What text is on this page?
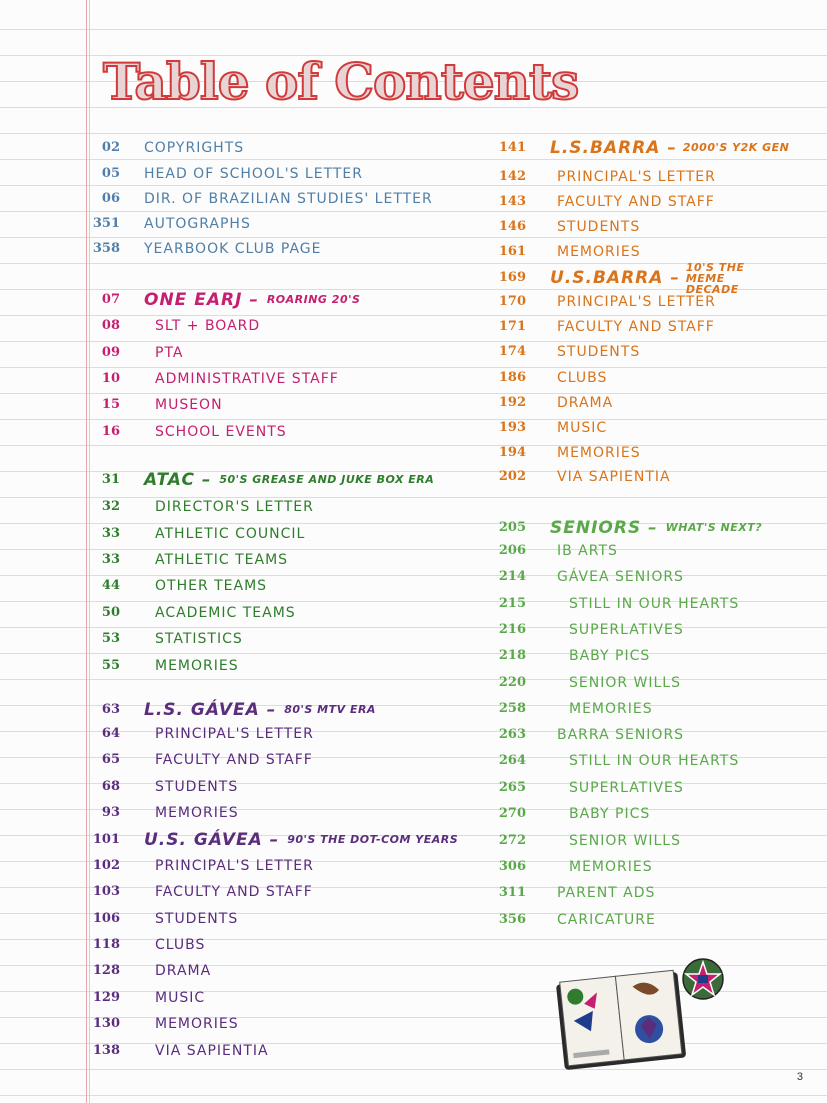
Table of Contents
02 COPYRIGHTS
05 HEAD OF SCHOOL'S LETTER
06 DIR. OF BRAZILIAN STUDIES' LETTER
351 AUTOGRAPHS
358 YEARBOOK CLUB PAGE
07 ONE EARJ – ROARING 20'S
08	SLT + BOARD
09	PTA
10	ADMINISTRATIVE STAFF
15	MUSEON
16	SCHOOL EVENTS
31 ATAC – 50'S GREASE AND JUKE BOX ERA
32	DIRECTOR'S LETTER
33	ATHLETIC COUNCIL
33	ATHLETIC TEAMS
44	OTHER TEAMS
50	ACADEMIC TEAMS
53	STATISTICS
55	MEMORIES
63 L.S. GÁVEA – 80'S MTV ERA
64	PRINCIPAL'S LETTER
65	FACULTY AND STAFF
68	STUDENTS
93	MEMORIES
101 U.S. GÁVEA – 90'S THE DOT-COM YEARS
102	PRINCIPAL'S LETTER
103	FACULTY AND STAFF
106	STUDENTS
118	CLUBS
128	DRAMA
129	MUSIC
130	MEMORIES
138	VIA SAPIENTIA
141 L.S.BARRA – 2000'S Y2K GEN
142 PRINCIPAL'S LETTER
143 FACULTY AND STAFF
146 STUDENTS
161 MEMORIES
169 U.S.BARRA –
10'S THE MEME DECADE
170 PRINCIPAL'S LETTER
171 FACULTY AND STAFF
174 STUDENTS
186 CLUBS
192 DRAMA
193 MUSIC
194 MEMORIES
202 VIA SAPIENTIA
205 SENIORS – WHAT'S NEXT?
206 IB ARTS
214 GÁVEA SENIORS
215	STILL IN OUR HEARTS
216	SUPERLATIVES
218	BABY PICS
220	SENIOR WILLS
258	MEMORIES
263 BARRA SENIORS
264	STILL IN OUR HEARTS
265	SUPERLATIVES
270	BABY PICS
272	SENIOR WILLS
306	MEMORIES
311 PARENT ADS
356 CARICATURE
3
